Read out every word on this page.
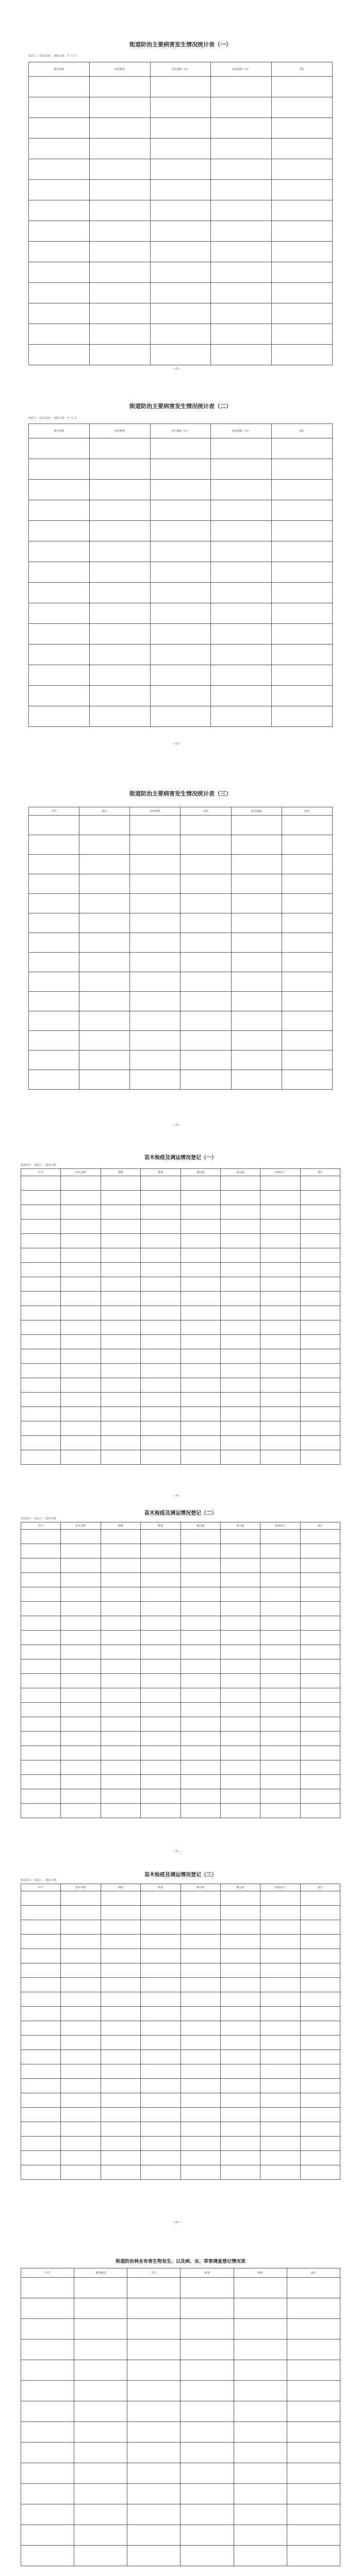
街道防治主要病害发生情况统计表（一）
填表人：（单位盖章） 填报日期： 年 月 日
地点名称	病害种类	发生面积（亩）	防治面积（亩）	备注

—1—
街道防治主要病害发生情况统计表（二）
填表人：（单位盖章） 填报日期： 年 月 日
地点名称	病害种类	发生面积（亩）	防治面积（亩）	备注

—2—
街道防治主要病害发生情况统计表（三）
序号	地点	病害种类	面积	防治措施	备注

—3—
苗木检疫及调运情况登记（一）
填表单位： 填表人： 填表日期：
序号	苗木名称	规格	数量	调出地	调入地	检疫证号	备注

—4—
苗木检疫及调运情况登记（二）
填表单位： 填表人： 填表日期：
序号	苗木名称	规格	数量	调出地	调入地	检疫证号	备注

—5—
苗木检疫及调运情况登记（三）
填表单位： 填表人： 填表日期：
序号	苗木名称	规格	数量	调出地	调入地	检疫证号	备注

—6—
街道防治林业有害生物发生、以及病、虫、草害调查登记情况表
序号	调查地点	寄主	种类	面积	备注
